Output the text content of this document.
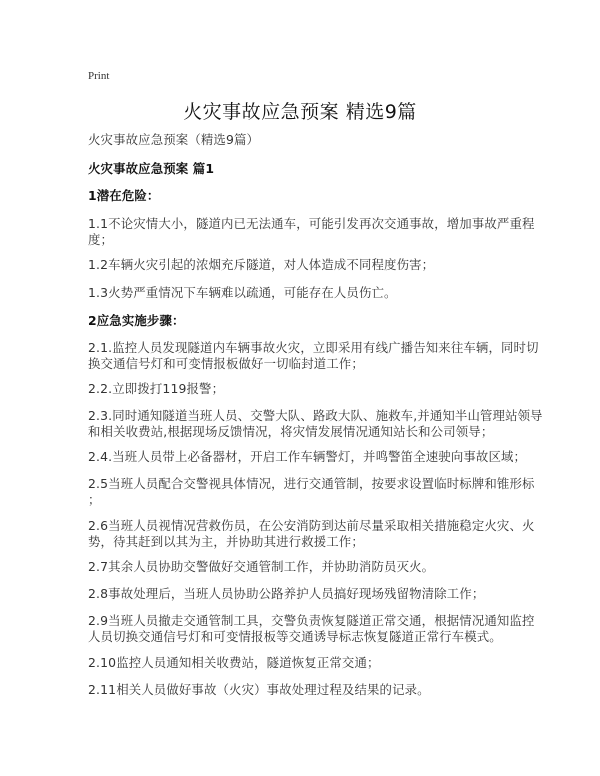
Print
火灾事故应急预案 精选9篇
火灾事故应急预案（精选9篇）
火灾事故应急预案 篇1
1潜在危险：
1.1不论灾情大小，隧道内已无法通车，可能引发再次交通事故，增加事故严重程
度；
1.2车辆火灾引起的浓烟充斥隧道，对人体造成不同程度伤害；
1.3火势严重情况下车辆难以疏通，可能存在人员伤亡。
2应急实施步骤：
2.1.监控人员发现隧道内车辆事故火灾，立即采用有线广播告知来往车辆，同时切
换交通信号灯和可变情报板做好一切临封道工作；
2.2.立即拨打119报警；
2.3.同时通知隧道当班人员、交警大队、路政大队、施救车,并通知半山管理站领导
和相关收费站,根据现场反馈情况，将灾情发展情况通知站长和公司领导；
2.4.当班人员带上必备器材，开启工作车辆警灯，并鸣警笛全速驶向事故区域；
2.5当班人员配合交警视具体情况，进行交通管制，按要求设置临时标牌和锥形标
；
2.6当班人员视情况营救伤员，在公安消防到达前尽量采取相关措施稳定火灾、火
势，待其赶到以其为主，并协助其进行救援工作；
2.7其余人员协助交警做好交通管制工作，并协助消防员灭火。
2.8事故处理后，当班人员协助公路养护人员搞好现场残留物清除工作；
2.9当班人员撤走交通管制工具，交警负责恢复隧道正常交通，根据情况通知监控
人员切换交通信号灯和可变情报板等交通诱导标志恢复隧道正常行车模式。
2.10监控人员通知相关收费站，隧道恢复正常交通；
2.11相关人员做好事故（火灾）事故处理过程及结果的记录。
